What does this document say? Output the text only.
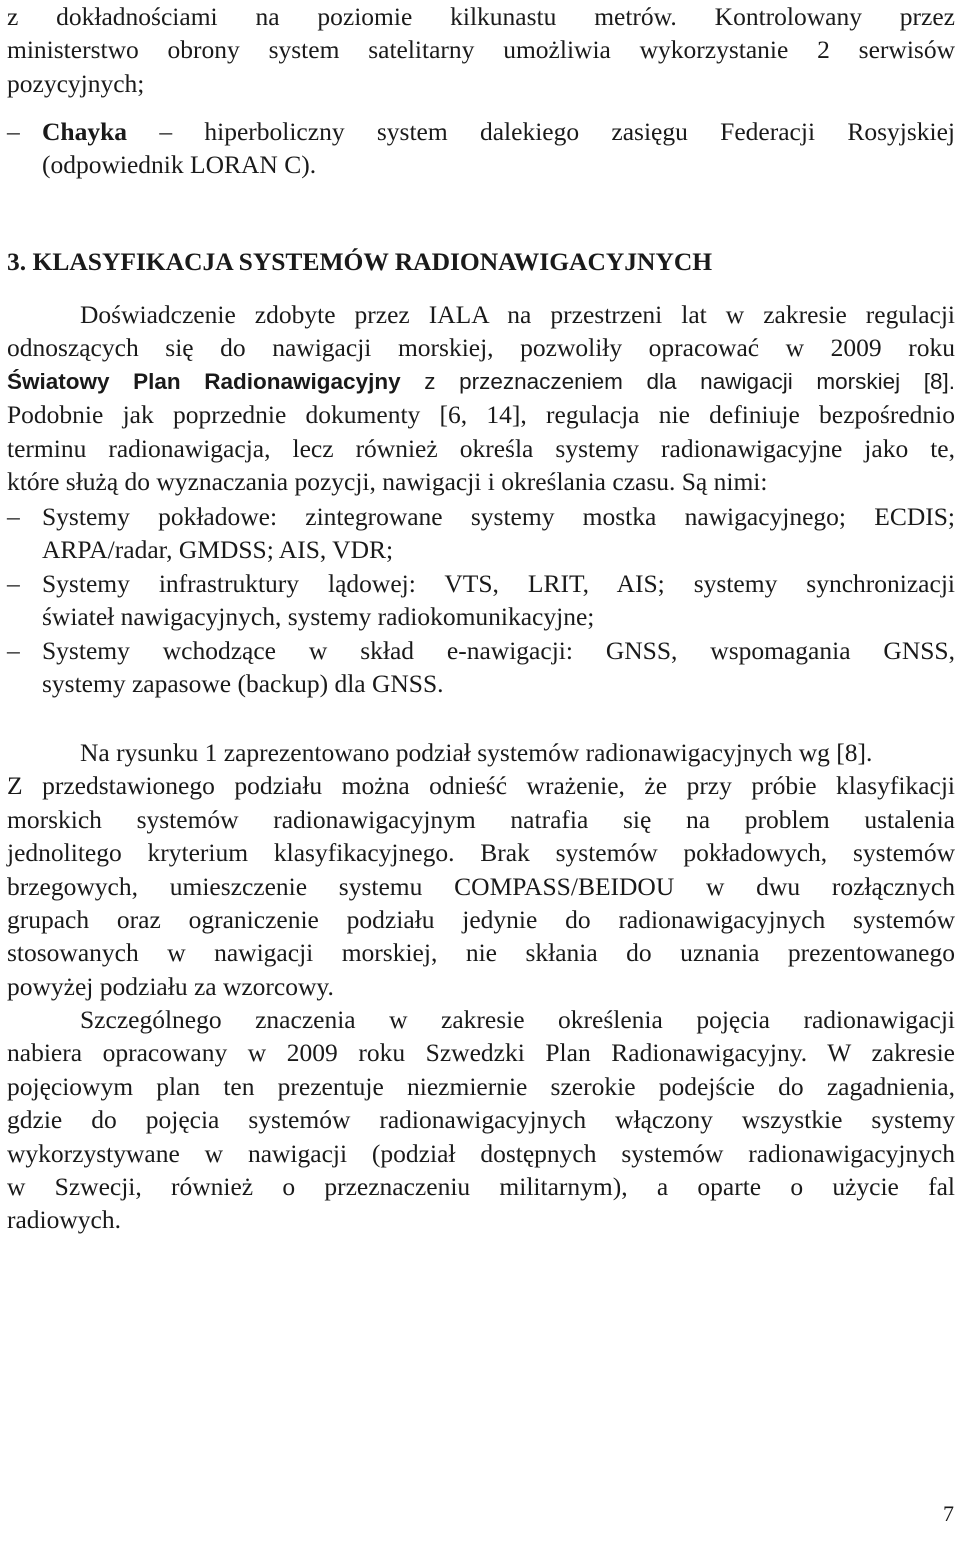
z dokładnościami na poziomie kilkunastu metrów. Kontrolowany przez
ministerstwo obrony system satelitarny umożliwia wykorzystanie 2 serwisów
pozycyjnych;
– Chayka – hiperboliczny system dalekiego zasięgu Federacji Rosyjskiej
(odpowiednik LORAN C).
3. KLASYFIKACJA SYSTEMÓW RADIONAWIGACYJNYCH
Doświadczenie zdobyte przez IALA na przestrzeni lat w zakresie regulacji
odnoszących się do nawigacji morskiej, pozwoliły opracować w 2009 roku
Światowy Plan Radionawigacyjny z przeznaczeniem dla nawigacji morskiej [8].
Podobnie jak poprzednie dokumenty [6, 14], regulacja nie definiuje bezpośrednio
terminu radionawigacja, lecz również określa systemy radionawigacyjne jako te,
które służą do wyznaczania pozycji, nawigacji i określania czasu. Są nimi:
– Systemy pokładowe: zintegrowane systemy mostka nawigacyjnego; ECDIS;
ARPA/radar, GMDSS; AIS, VDR;
– Systemy infrastruktury lądowej: VTS, LRIT, AIS; systemy synchronizacji
świateł nawigacyjnych, systemy radiokomunikacyjne;
– Systemy wchodzące w skład e-nawigacji: GNSS, wspomagania GNSS,
systemy zapasowe (backup) dla GNSS.
Na rysunku 1 zaprezentowano podział systemów radionawigacyjnych wg [8].
Z przedstawionego podziału można odnieść wrażenie, że przy próbie klasyfikacji
morskich systemów radionawigacyjnym natrafia się na problem ustalenia
jednolitego kryterium klasyfikacyjnego. Brak systemów pokładowych, systemów
brzegowych, umieszczenie systemu COMPASS/BEIDOU w dwu rozłącznych
grupach oraz ograniczenie podziału jedynie do radionawigacyjnych systemów
stosowanych w nawigacji morskiej, nie skłania do uznania prezentowanego
powyżej podziału za wzorcowy.
Szczególnego znaczenia w zakresie określenia pojęcia radionawigacji
nabiera opracowany w 2009 roku Szwedzki Plan Radionawigacyjny. W zakresie
pojęciowym plan ten prezentuje niezmiernie szerokie podejście do zagadnienia,
gdzie do pojęcia systemów radionawigacyjnych włączony wszystkie systemy
wykorzystywane w nawigacji (podział dostępnych systemów radionawigacyjnych
w Szwecji, również o przeznaczeniu militarnym), a oparte o użycie fal
radiowych.
7
